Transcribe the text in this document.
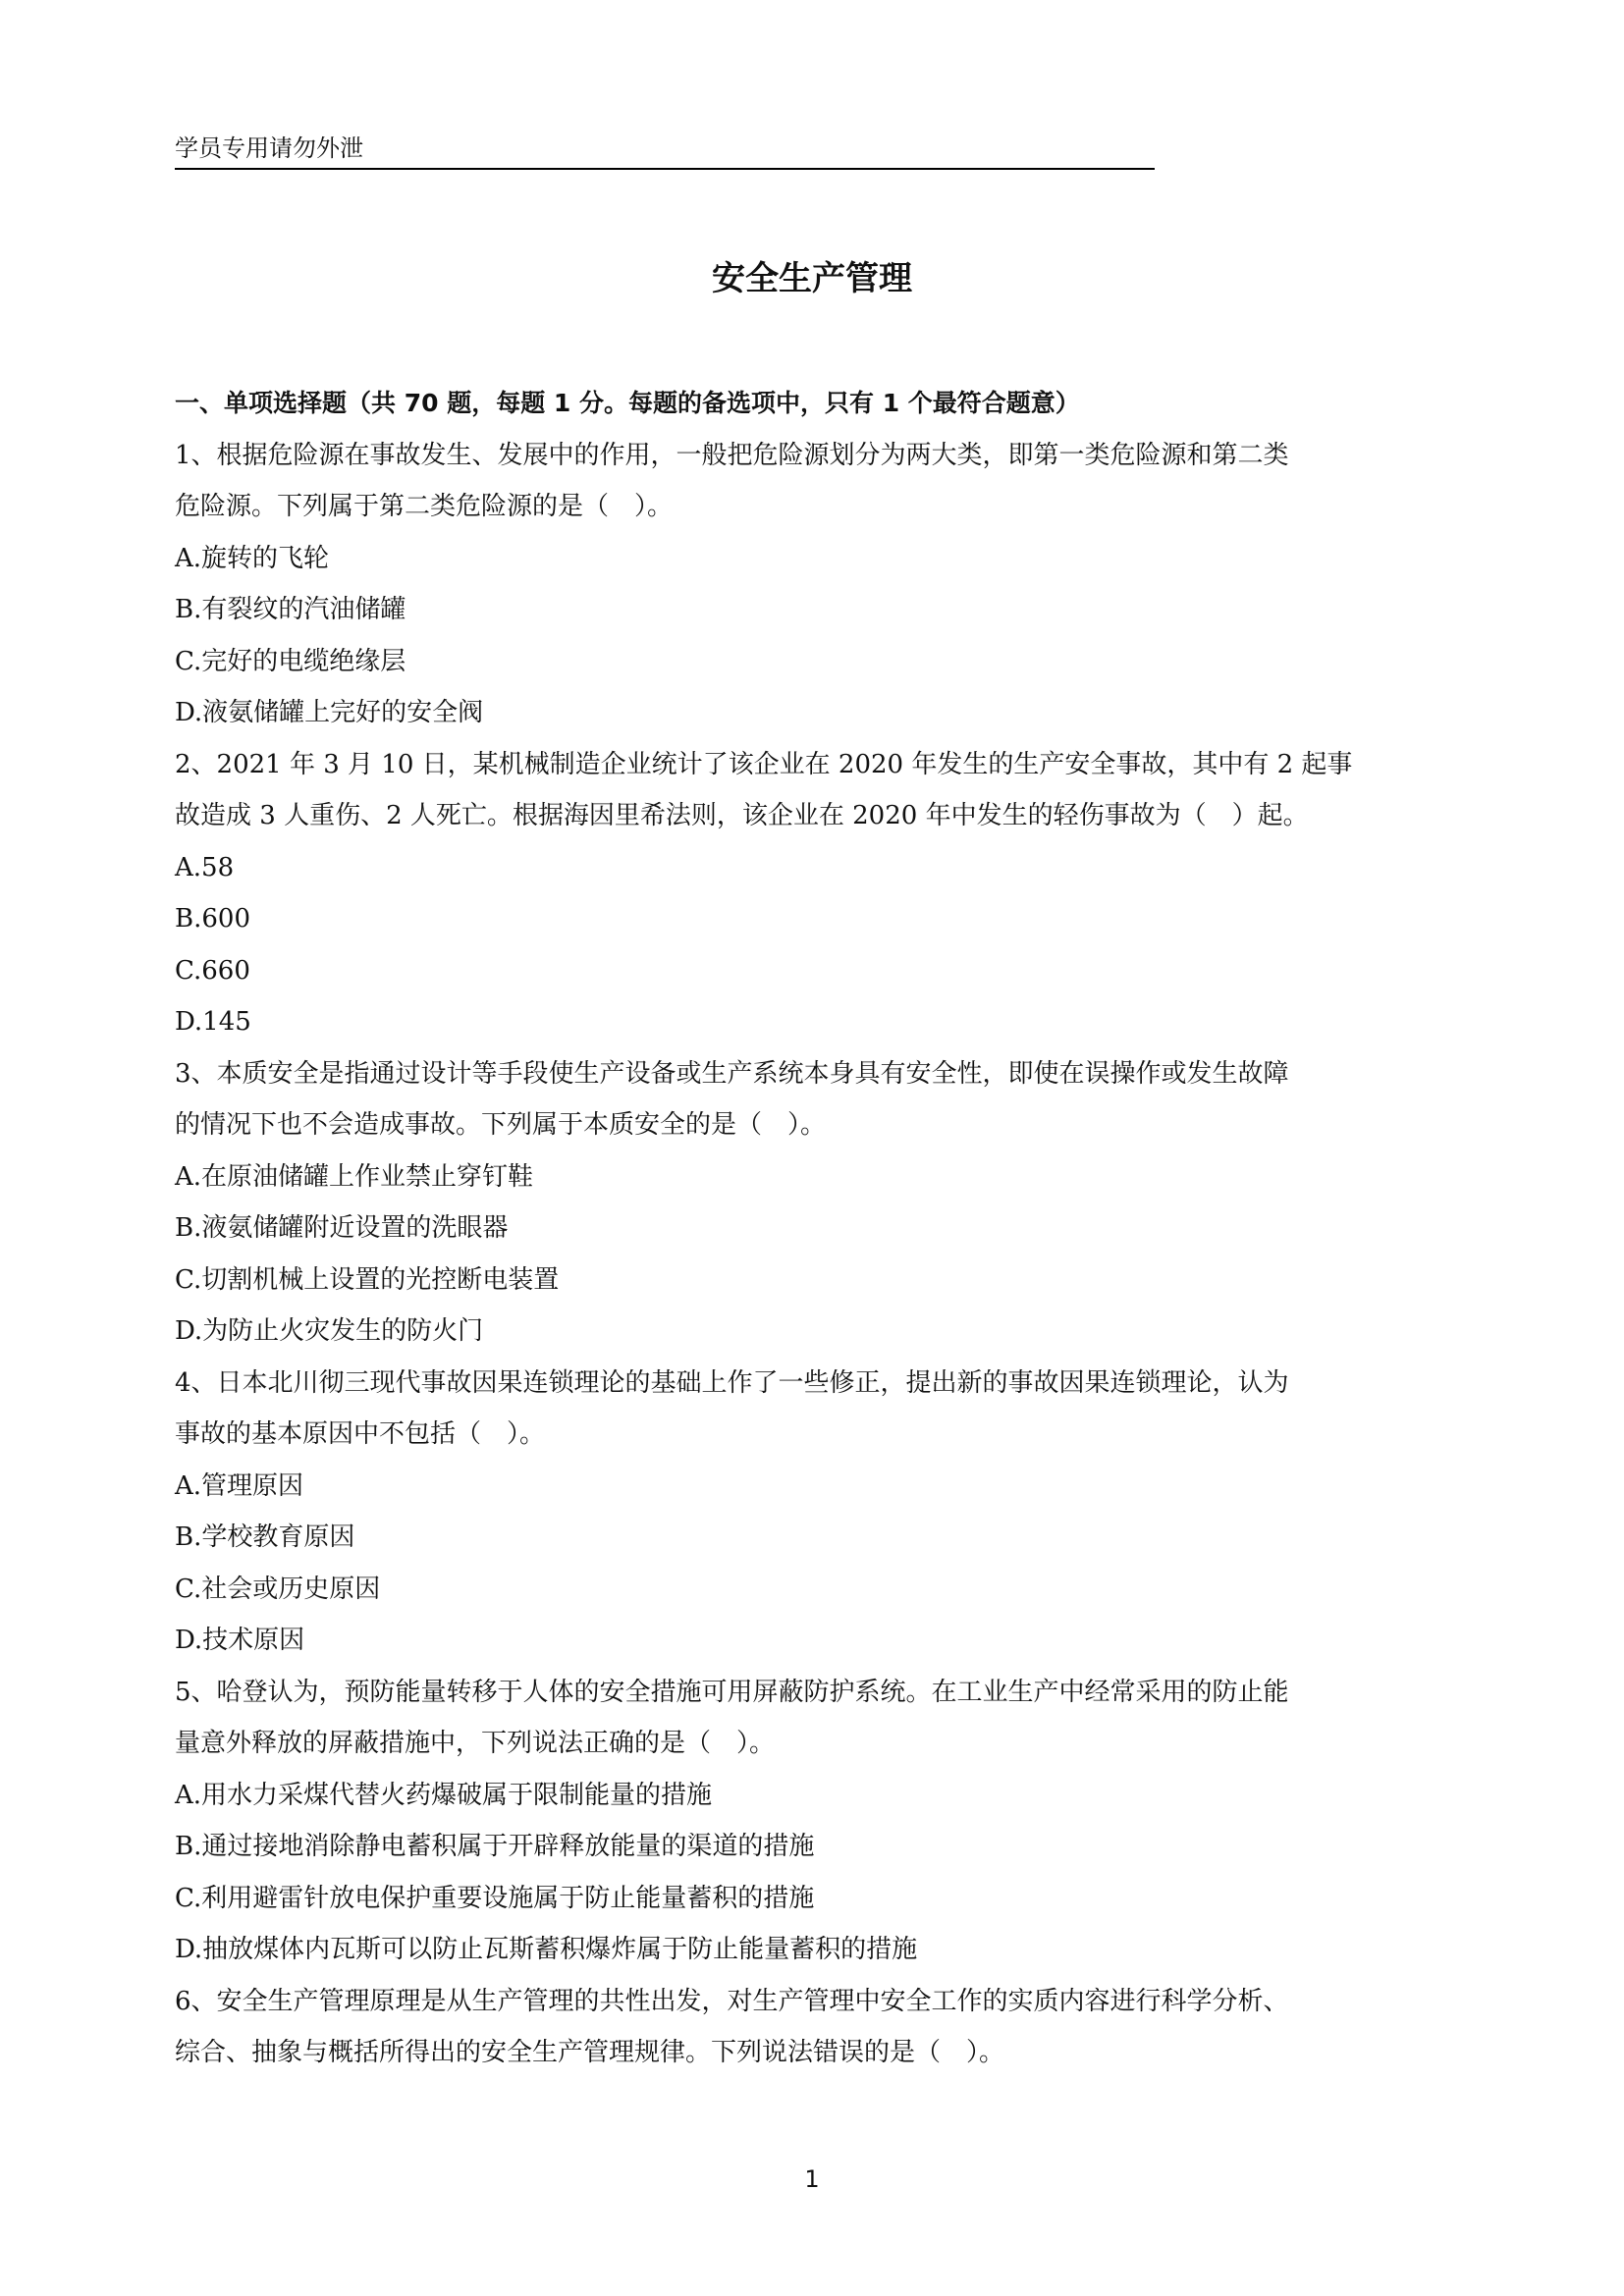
学员专用请勿外泄
安全生产管理
一、单项选择题（共 70 题，每题 1 分。每题的备选项中，只有 1 个最符合题意）

1、根据危险源在事故发生、发展中的作用，一般把危险源划分为两大类，即第一类危险源和第二类

危险源。下列属于第二类危险源的是（　）。

A.旋转的飞轮

B.有裂纹的汽油储罐

C.完好的电缆绝缘层

D.液氨储罐上完好的安全阀

2、2021 年 3 月 10 日，某机械制造企业统计了该企业在 2020 年发生的生产安全事故，其中有 2 起事

故造成 3 人重伤、2 人死亡。根据海因里希法则，该企业在 2020 年中发生的轻伤事故为（　）起。

A.58

B.600

C.660

D.145

3、本质安全是指通过设计等手段使生产设备或生产系统本身具有安全性，即使在误操作或发生故障

的情况下也不会造成事故。下列属于本质安全的是（　）。

A.在原油储罐上作业禁止穿钉鞋

B.液氨储罐附近设置的洗眼器

C.切割机械上设置的光控断电装置

D.为防止火灾发生的防火门

4、日本北川彻三现代事故因果连锁理论的基础上作了一些修正，提出新的事故因果连锁理论，认为

事故的基本原因中不包括（　）。

A.管理原因

B.学校教育原因

C.社会或历史原因

D.技术原因

5、哈登认为，预防能量转移于人体的安全措施可用屏蔽防护系统。在工业生产中经常采用的防止能

量意外释放的屏蔽措施中，下列说法正确的是（　）。

A.用水力采煤代替火药爆破属于限制能量的措施

B.通过接地消除静电蓄积属于开辟释放能量的渠道的措施

C.利用避雷针放电保护重要设施属于防止能量蓄积的措施

D.抽放煤体内瓦斯可以防止瓦斯蓄积爆炸属于防止能量蓄积的措施

6、安全生产管理原理是从生产管理的共性出发，对生产管理中安全工作的实质内容进行科学分析、

综合、抽象与概括所得出的安全生产管理规律。下列说法错误的是（　）。

1
